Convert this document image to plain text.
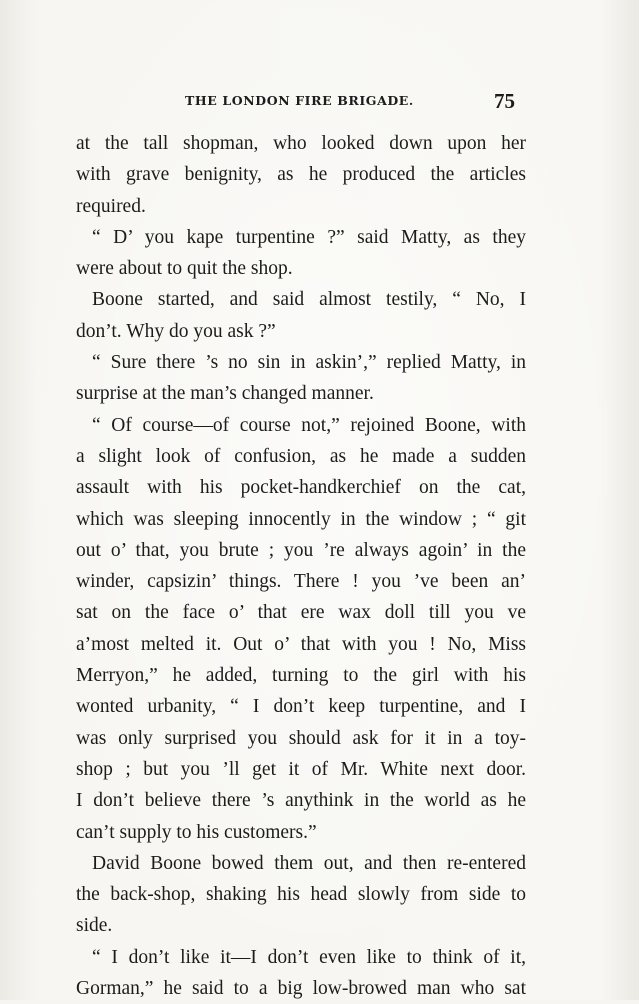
THE LONDON FIRE BRIGADE.	75
at the tall shopman, who looked down upon her
with grave benignity, as he produced the articles
required.
“ D’ you kape turpentine ?” said Matty, as they
were about to quit the shop.
Boone started, and said almost testily, “ No, I
don’t. Why do you ask ?”
“ Sure there ’s no sin in askin’,” replied Matty, in
surprise at the man’s changed manner.
“ Of course—of course not,” rejoined Boone, with
a slight look of confusion, as he made a sudden
assault with his pocket-handkerchief on the cat,
which was sleeping innocently in the window ; “ git
out o’ that, you brute ; you ’re always agoin’ in the
winder, capsizin’ things. There ! you ’ve been an’
sat on the face o’ that ere wax doll till you ve
a’most melted it. Out o’ that with you ! No, Miss
Merryon,” he added, turning to the girl with his
wonted urbanity, “ I don’t keep turpentine, and I
was only surprised you should ask for it in a toy-
shop ; but you ’ll get it of Mr. White next door.
I don’t believe there ’s anythink in the world as he
can’t supply to his customers.”
David Boone bowed them out, and then re-entered
the back-shop, shaking his head slowly from side to
side.
“ I don’t like it—I don’t even like to think of it,
Gorman,” he said to a big low-browed man who sat
